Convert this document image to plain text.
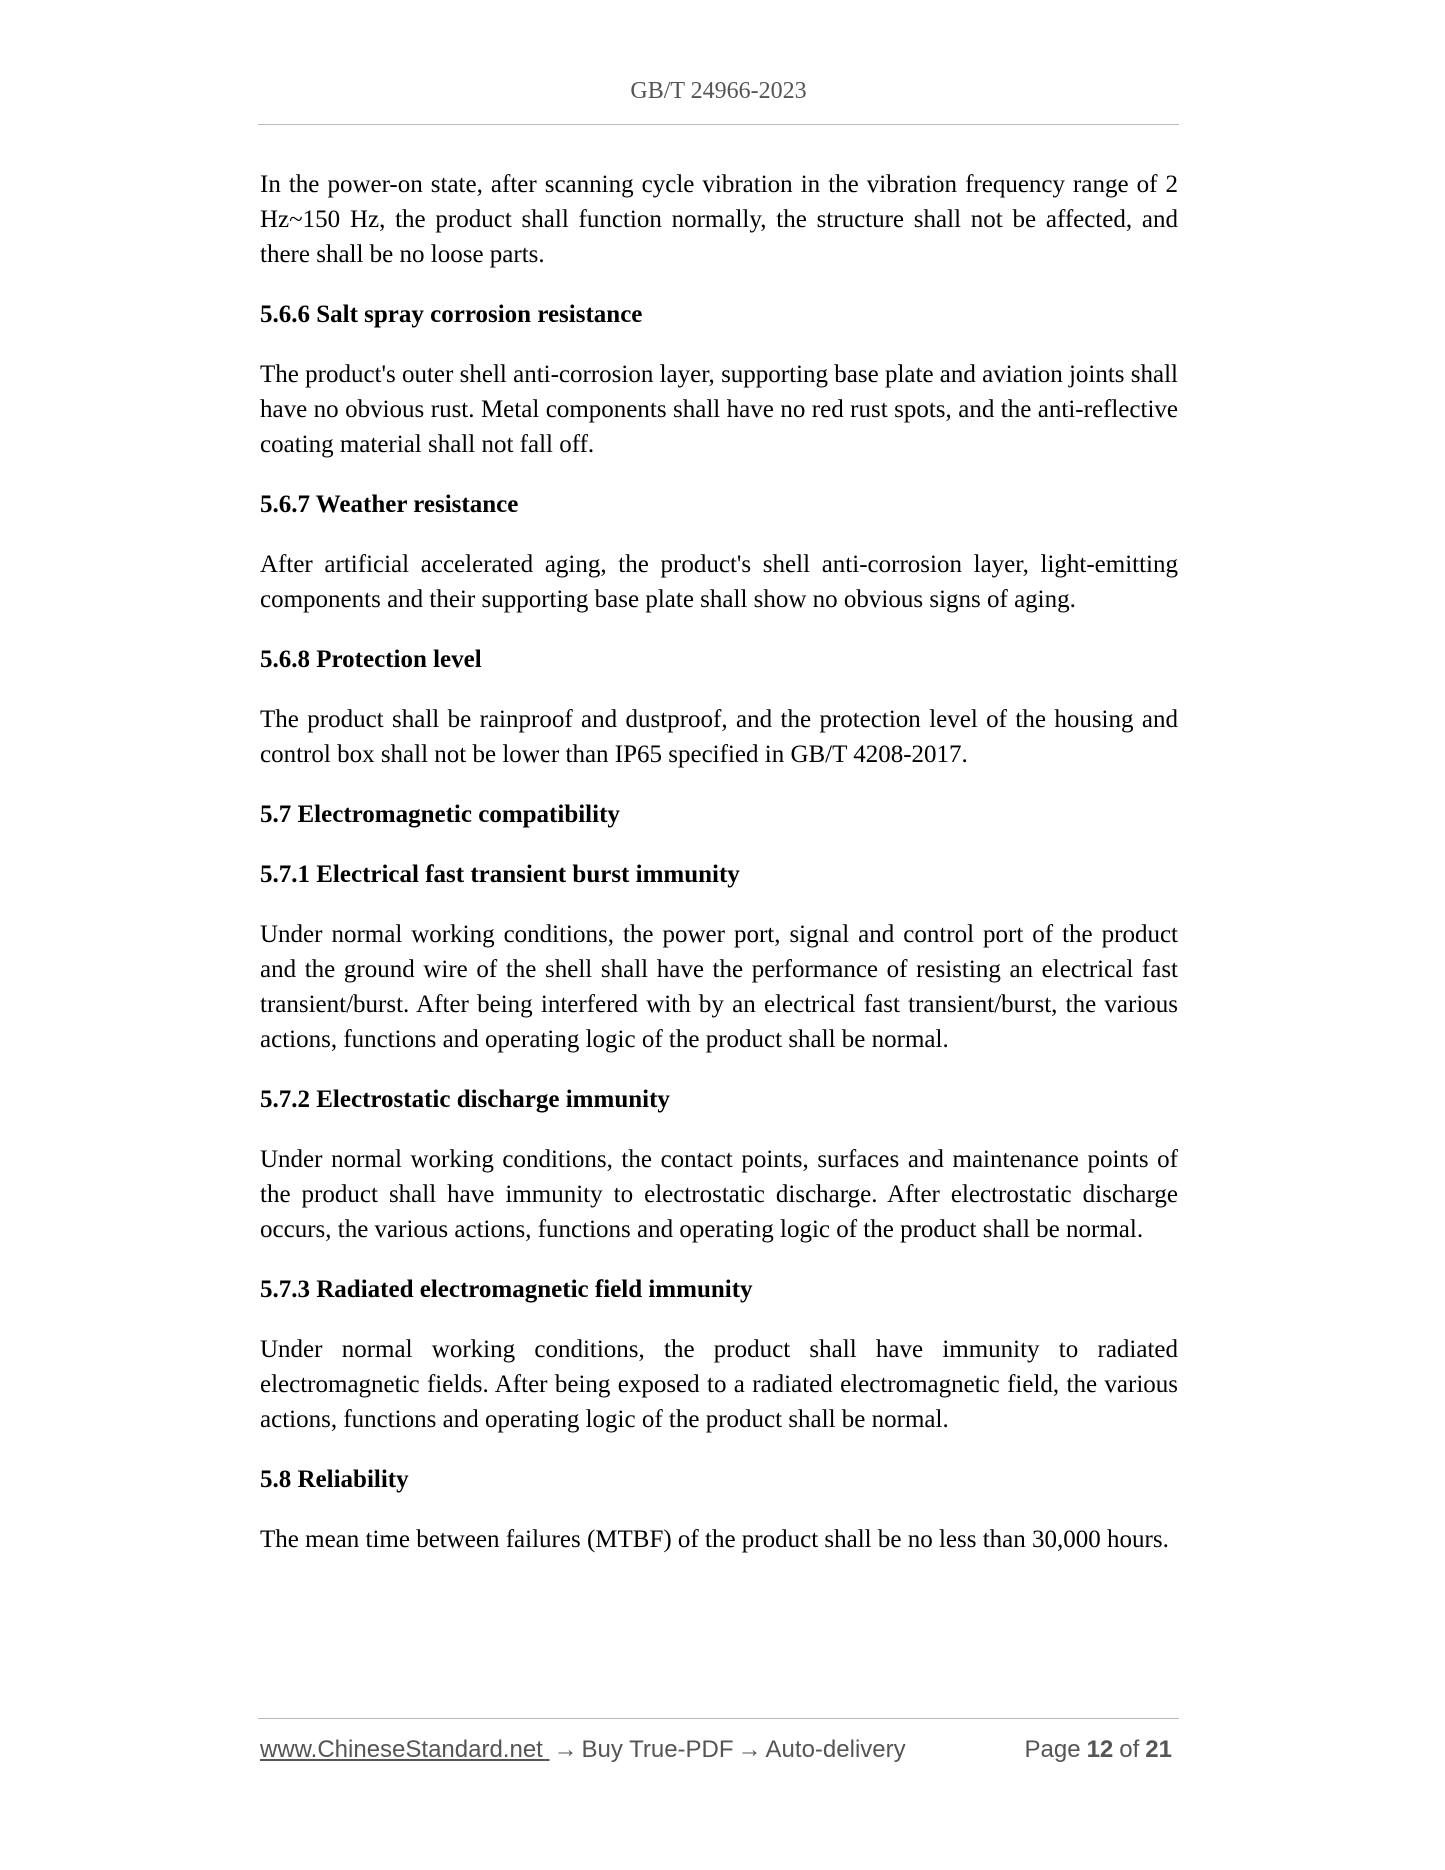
GB/T 24966-2023

In the power-on state, after scanning cycle vibration in the vibration frequency range of 2 Hz~150 Hz, the product shall function normally, the structure shall not be affected, and there shall be no loose parts.

5.6.6 Salt spray corrosion resistance

The product's outer shell anti-corrosion layer, supporting base plate and aviation joints shall have no obvious rust. Metal components shall have no red rust spots, and the anti-reflective coating material shall not fall off.

5.6.7 Weather resistance

After artificial accelerated aging, the product's shell anti-corrosion layer, light-emitting components and their supporting base plate shall show no obvious signs of aging.

5.6.8 Protection level

The product shall be rainproof and dustproof, and the protection level of the housing and control box shall not be lower than IP65 specified in GB/T 4208-2017.

5.7 Electromagnetic compatibility

5.7.1 Electrical fast transient burst immunity

Under normal working conditions, the power port, signal and control port of the product and the ground wire of the shell shall have the performance of resisting an electrical fast transient/burst. After being interfered with by an electrical fast transient/burst, the various actions, functions and operating logic of the product shall be normal.

5.7.2 Electrostatic discharge immunity

Under normal working conditions, the contact points, surfaces and maintenance points of the product shall have immunity to electrostatic discharge. After electrostatic discharge occurs, the various actions, functions and operating logic of the product shall be normal.

5.7.3 Radiated electromagnetic field immunity

Under normal working conditions, the product shall have immunity to radiated electromagnetic fields. After being exposed to a radiated electromagnetic field, the various actions, functions and operating logic of the product shall be normal.

5.8 Reliability

The mean time between failures (MTBF) of the product shall be no less than 30,000 hours.

www.ChineseStandard.net → Buy True-PDF → Auto-delivery	Page 12 of 21
